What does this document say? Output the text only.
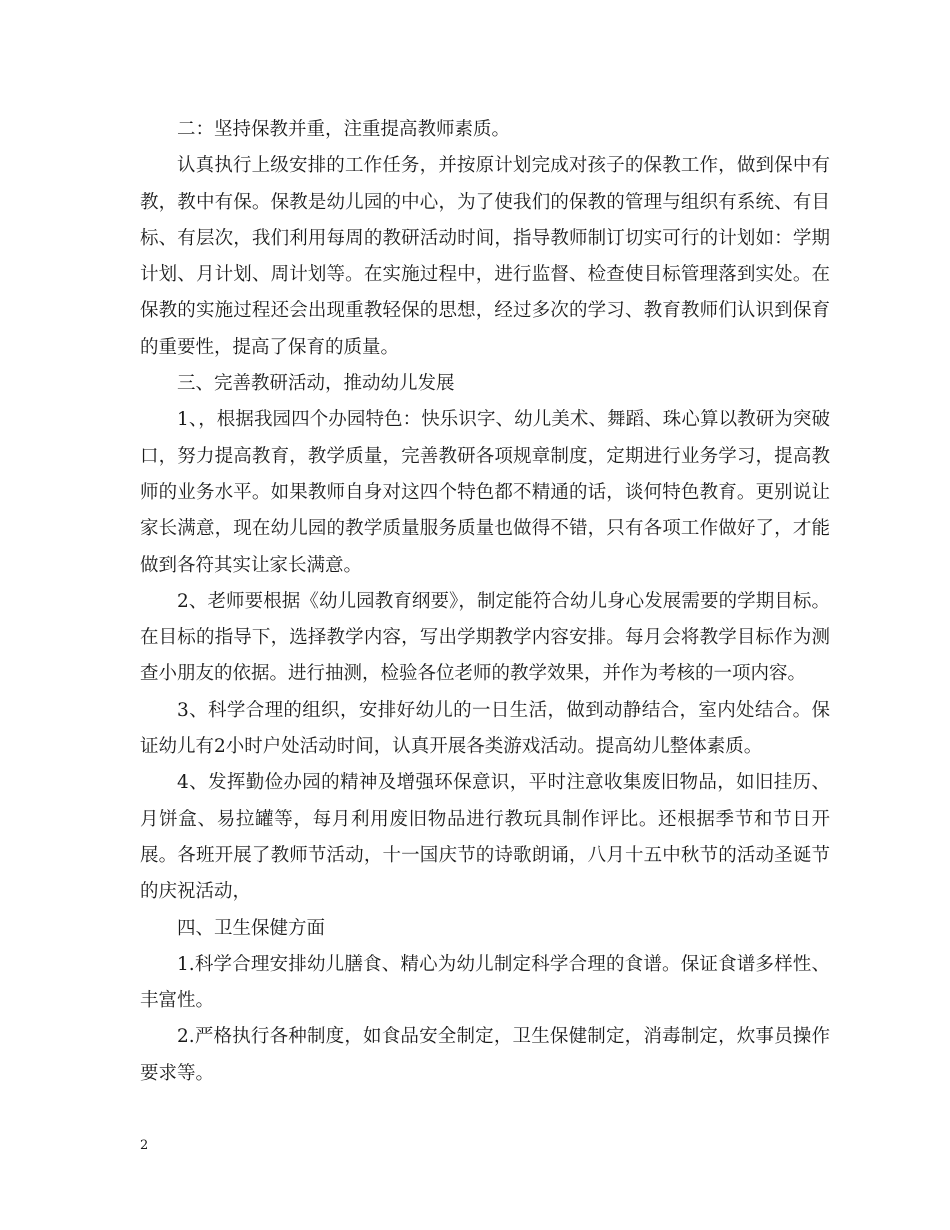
二：坚持保教并重，注重提高教师素质。

认真执行上级安排的工作任务，并按原计划完成对孩子的保教工作，做到保中有教，教中有保。保教是幼儿园的中心，为了使我们的保教的管理与组织有系统、有目标、有层次，我们利用每周的教研活动时间，指导教师制订切实可行的计划如：学期计划、月计划、周计划等。在实施过程中，进行监督、检查使目标管理落到实处。在保教的实施过程还会出现重教轻保的思想，经过多次的学习、教育教师们认识到保育的重要性，提高了保育的质量。

三、完善教研活动，推动幼儿发展

1、，根据我园四个办园特色：快乐识字、幼儿美术、舞蹈、珠心算以教研为突破口，努力提高教育，教学质量，完善教研各项规章制度，定期进行业务学习，提高教师的业务水平。如果教师自身对这四个特色都不精通的话，谈何特色教育。更别说让家长满意，现在幼儿园的教学质量服务质量也做得不错，只有各项工作做好了，才能做到各符其实让家长满意。

2、老师要根据《幼儿园教育纲要》，制定能符合幼儿身心发展需要的学期目标。在目标的指导下，选择教学内容，写出学期教学内容安排。每月会将教学目标作为测查小朋友的依据。进行抽测，检验各位老师的教学效果，并作为考核的一项内容。

3、科学合理的组织，安排好幼儿的一日生活，做到动静结合，室内处结合。保证幼儿有2小时户处活动时间，认真开展各类游戏活动。提高幼儿整体素质。

4、发挥勤俭办园的精神及增强环保意识，平时注意收集废旧物品，如旧挂历、月饼盒、易拉罐等，每月利用废旧物品进行教玩具制作评比。还根据季节和节日开展。各班开展了教师节活动，十一国庆节的诗歌朗诵，八月十五中秋节的活动圣诞节的庆祝活动，

四、卫生保健方面

1.科学合理安排幼儿膳食、精心为幼儿制定科学合理的食谱。保证食谱多样性、丰富性。

2.严格执行各种制度，如食品安全制定，卫生保健制定，消毒制定，炊事员操作要求等。

2
